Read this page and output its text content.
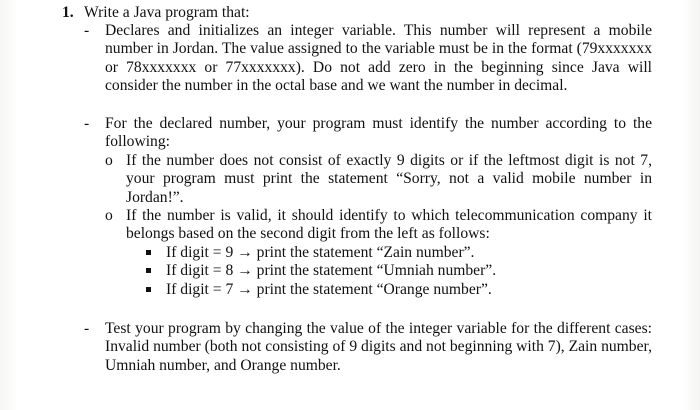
1. Write a Java program that:
- Declares and initializes an integer variable. This number will represent a mobile number in Jordan. The value assigned to the variable must be in the format (79xxxxxxx or 78xxxxxxx or 77xxxxxxx). Do not add zero in the beginning since Java will consider the number in the octal base and we want the number in decimal.
- For the declared number, your program must identify the number according to the following:
o If the number does not consist of exactly 9 digits or if the leftmost digit is not 7, your program must print the statement “Sorry, not a valid mobile number in Jordan!”.
o If the number is valid, it should identify to which telecommunication company it belongs based on the second digit from the left as follows:
If digit = 9 → print the statement “Zain number”.
If digit = 8 → print the statement “Umniah number”.
If digit = 7 → print the statement “Orange number”.
- Test your program by changing the value of the integer variable for the different cases: Invalid number (both not consisting of 9 digits and not beginning with 7), Zain number, Umniah number, and Orange number.
